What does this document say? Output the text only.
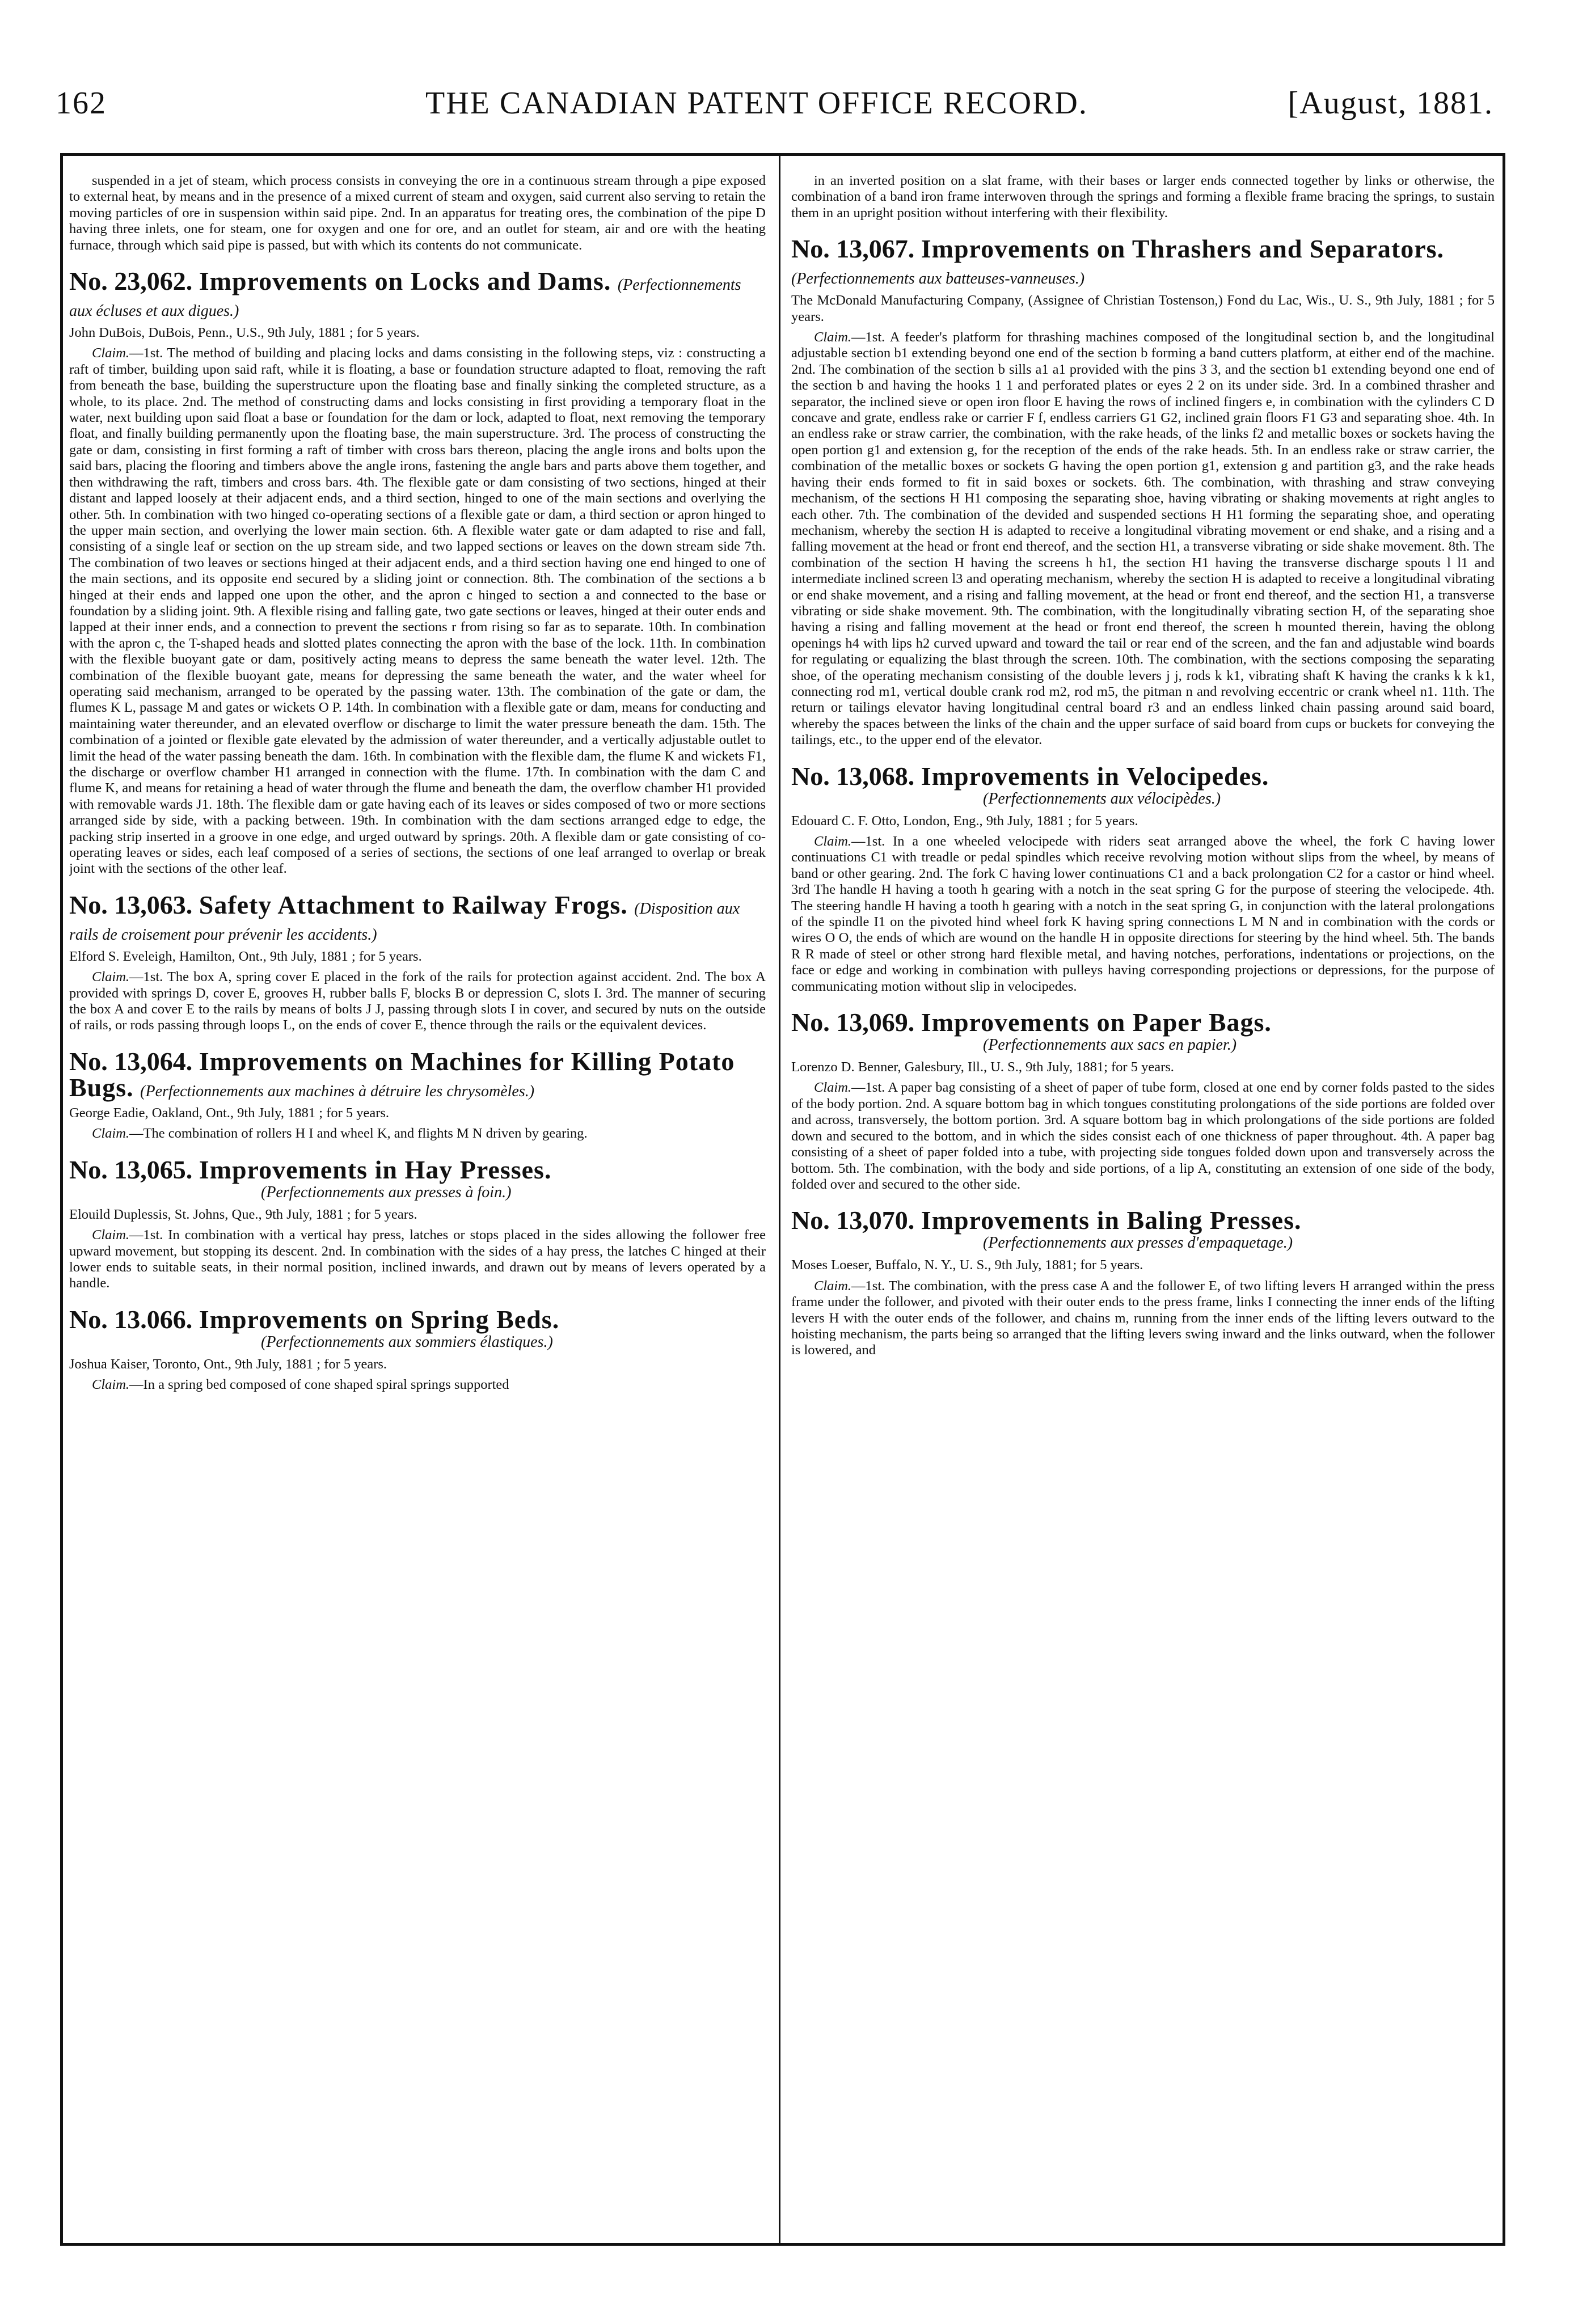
162	THE CANADIAN PATENT OFFICE RECORD.	[August, 1881.

suspended in a jet of steam, which process consists in conveying the ore in a continuous stream through a pipe exposed to external heat, by means and in the presence of a mixed current of steam and oxygen, said current also serving to retain the moving particles of ore in suspension within said pipe. 2nd. In an apparatus for treating ores, the combination of the pipe D having three inlets, one for steam, one for oxygen and one for ore, and an outlet for steam, air and ore with the heating furnace, through which said pipe is passed, but with which its contents do not communicate.

No. 23,062. Improvements on Locks and Dams. (Perfectionnements aux écluses et aux digues.)

John DuBois, DuBois, Penn., U.S., 9th July, 1881 ; for 5 years.

Claim.—1st. The method of building and placing locks and dams consisting in the following steps, viz : constructing a raft of timber, building upon said raft, while it is floating, a base or foundation structure adapted to float, removing the raft from beneath the base, building the superstructure upon the floating base and finally sinking the completed structure, as a whole, to its place. 2nd. The method of constructing dams and locks consisting in first providing a temporary float in the water, next building upon said float a base or foundation for the dam or lock, adapted to float, next removing the temporary float, and finally building permanently upon the floating base, the main superstructure. 3rd. The process of constructing the gate or dam, consisting in first forming a raft of timber with cross bars thereon, placing the angle irons and bolts upon the said bars, placing the flooring and timbers above the angle irons, fastening the angle bars and parts above them together, and then withdrawing the raft, timbers and cross bars. 4th. The flexible gate or dam consisting of two sections, hinged at their distant and lapped loosely at their adjacent ends, and a third section, hinged to one of the main sections and overlying the other. 5th. In combination with two hinged co-operating sections of a flexible gate or dam, a third section or apron hinged to the upper main section, and overlying the lower main section. 6th. A flexible water gate or dam adapted to rise and fall, consisting of a single leaf or section on the up stream side, and two lapped sections or leaves on the down stream side 7th. The combination of two leaves or sections hinged at their adjacent ends, and a third section having one end hinged to one of the main sections, and its opposite end secured by a sliding joint or connection. 8th. The combination of the sections a b hinged at their ends and lapped one upon the other, and the apron c hinged to section a and connected to the base or foundation by a sliding joint. 9th. A flexible rising and falling gate, two gate sections or leaves, hinged at their outer ends and lapped at their inner ends, and a connection to prevent the sections r from rising so far as to separate. 10th. In combination with the apron c, the T-shaped heads and slotted plates connecting the apron with the base of the lock. 11th. In combination with the flexible buoyant gate or dam, positively acting means to depress the same beneath the water level. 12th. The combination of the flexible buoyant gate, means for depressing the same beneath the water, and the water wheel for operating said mechanism, arranged to be operated by the passing water. 13th. The combination of the gate or dam, the flumes K L, passage M and gates or wickets O P. 14th. In combination with a flexible gate or dam, means for conducting and maintaining water thereunder, and an elevated overflow or discharge to limit the water pressure beneath the dam. 15th. The combination of a jointed or flexible gate elevated by the admission of water thereunder, and a vertically adjustable outlet to limit the head of the water passing beneath the dam. 16th. In combination with the flexible dam, the flume K and wickets F1, the discharge or overflow chamber H1 arranged in connection with the flume. 17th. In combination with the dam C and flume K, and means for retaining a head of water through the flume and beneath the dam, the overflow chamber H1 provided with removable wards J1. 18th. The flexible dam or gate having each of its leaves or sides composed of two or more sections arranged side by side, with a packing between. 19th. In combination with the dam sections arranged edge to edge, the packing strip inserted in a groove in one edge, and urged outward by springs. 20th. A flexible dam or gate consisting of co-operating leaves or sides, each leaf composed of a series of sections, the sections of one leaf arranged to overlap or break joint with the sections of the other leaf.

No. 13,063. Safety Attachment to Railway Frogs. (Disposition aux rails de croisement pour prévenir les accidents.)

Elford S. Eveleigh, Hamilton, Ont., 9th July, 1881 ; for 5 years.

Claim.—1st. The box A, spring cover E placed in the fork of the rails for protection against accident. 2nd. The box A provided with springs D, cover E, grooves H, rubber balls F, blocks B or depression C, slots I. 3rd. The manner of securing the box A and cover E to the rails by means of bolts J J, passing through slots I in cover, and secured by nuts on the outside of rails, or rods passing through loops L, on the ends of cover E, thence through the rails or the equivalent devices.

No. 13,064. Improvements on Machines for Killing Potato Bugs. (Perfectionnements aux machines à détruire les chrysomèles.)

George Eadie, Oakland, Ont., 9th July, 1881 ; for 5 years.

Claim.—The combination of rollers H I and wheel K, and flights M N driven by gearing.

No. 13,065. Improvements in Hay Presses.

(Perfectionnements aux presses à foin.)

Elouild Duplessis, St. Johns, Que., 9th July, 1881 ; for 5 years.

Claim.—1st. In combination with a vertical hay press, latches or stops placed in the sides allowing the follower free upward movement, but stopping its descent. 2nd. In combination with the sides of a hay press, the latches C hinged at their lower ends to suitable seats, in their normal position, inclined inwards, and drawn out by means of levers operated by a handle.

No. 13.066. Improvements on Spring Beds.

(Perfectionnements aux sommiers élastiques.)

Joshua Kaiser, Toronto, Ont., 9th July, 1881 ; for 5 years.

Claim.—In a spring bed composed of cone shaped spiral springs supported

in an inverted position on a slat frame, with their bases or larger ends connected together by links or otherwise, the combination of a band iron frame interwoven through the springs and forming a flexible frame bracing the springs, to sustain them in an upright position without interfering with their flexibility.

No. 13,067. Improvements on Thrashers and Separators. (Perfectionnements aux batteuses-vanneuses.)

The McDonald Manufacturing Company, (Assignee of Christian Tostenson,) Fond du Lac, Wis., U. S., 9th July, 1881 ; for 5 years.

Claim.—1st. A feeder's platform for thrashing machines composed of the longitudinal section b, and the longitudinal adjustable section b1 extending beyond one end of the section b forming a band cutters platform, at either end of the machine. 2nd. The combination of the section b sills a1 a1 provided with the pins 3 3, and the section b1 extending beyond one end of the section b and having the hooks 1 1 and perforated plates or eyes 2 2 on its under side. 3rd. In a combined thrasher and separator, the inclined sieve or open iron floor E having the rows of inclined fingers e, in combination with the cylinders C D concave and grate, endless rake or carrier F f, endless carriers G1 G2, inclined grain floors F1 G3 and separating shoe. 4th. In an endless rake or straw carrier, the combination, with the rake heads, of the links f2 and metallic boxes or sockets having the open portion g1 and extension g, for the reception of the ends of the rake heads. 5th. In an endless rake or straw carrier, the combination of the metallic boxes or sockets G having the open portion g1, extension g and partition g3, and the rake heads having their ends formed to fit in said boxes or sockets. 6th. The combination, with thrashing and straw conveying mechanism, of the sections H H1 composing the separating shoe, having vibrating or shaking movements at right angles to each other. 7th. The combination of the devided and suspended sections H H1 forming the separating shoe, and operating mechanism, whereby the section H is adapted to receive a longitudinal vibrating movement or end shake, and a rising and a falling movement at the head or front end thereof, and the section H1, a transverse vibrating or side shake movement. 8th. The combination of the section H having the screens h h1, the section H1 having the transverse discharge spouts l l1 and intermediate inclined screen l3 and operating mechanism, whereby the section H is adapted to receive a longitudinal vibrating or end shake movement, and a rising and falling movement, at the head or front end thereof, and the section H1, a transverse vibrating or side shake movement. 9th. The combination, with the longitudinally vibrating section H, of the separating shoe having a rising and falling movement at the head or front end thereof, the screen h mounted therein, having the oblong openings h4 with lips h2 curved upward and toward the tail or rear end of the screen, and the fan and adjustable wind boards for regulating or equalizing the blast through the screen. 10th. The combination, with the sections composing the separating shoe, of the operating mechanism consisting of the double levers j j, rods k k1, vibrating shaft K having the cranks k k k1, connecting rod m1, vertical double crank rod m2, rod m5, the pitman n and revolving eccentric or crank wheel n1. 11th. The return or tailings elevator having longitudinal central board r3 and an endless linked chain passing around said board, whereby the spaces between the links of the chain and the upper surface of said board from cups or buckets for conveying the tailings, etc., to the upper end of the elevator.

No. 13,068. Improvements in Velocipedes.

(Perfectionnements aux vélocipèdes.)

Edouard C. F. Otto, London, Eng., 9th July, 1881 ; for 5 years.

Claim.—1st. In a one wheeled velocipede with riders seat arranged above the wheel, the fork C having lower continuations C1 with treadle or pedal spindles which receive revolving motion without slips from the wheel, by means of band or other gearing. 2nd. The fork C having lower continuations C1 and a back prolongation C2 for a castor or hind wheel. 3rd The handle H having a tooth h gearing with a notch in the seat spring G for the purpose of steering the velocipede. 4th. The steering handle H having a tooth h gearing with a notch in the seat spring G, in conjunction with the lateral prolongations of the spindle I1 on the pivoted hind wheel fork K having spring connections L M N and in combination with the cords or wires O O, the ends of which are wound on the handle H in opposite directions for steering by the hind wheel. 5th. The bands R R made of steel or other strong hard flexible metal, and having notches, perforations, indentations or projections, on the face or edge and working in combination with pulleys having corresponding projections or depressions, for the purpose of communicating motion without slip in velocipedes.

No. 13,069. Improvements on Paper Bags.

(Perfectionnements aux sacs en papier.)

Lorenzo D. Benner, Galesbury, Ill., U. S., 9th July, 1881; for 5 years.

Claim.—1st. A paper bag consisting of a sheet of paper of tube form, closed at one end by corner folds pasted to the sides of the body portion. 2nd. A square bottom bag in which tongues constituting prolongations of the side portions are folded over and across, transversely, the bottom portion. 3rd. A square bottom bag in which prolongations of the side portions are folded down and secured to the bottom, and in which the sides consist each of one thickness of paper throughout. 4th. A paper bag consisting of a sheet of paper folded into a tube, with projecting side tongues folded down upon and transversely across the bottom. 5th. The combination, with the body and side portions, of a lip A, constituting an extension of one side of the body, folded over and secured to the other side.

No. 13,070. Improvements in Baling Presses.

(Perfectionnements aux presses d'empaquetage.)

Moses Loeser, Buffalo, N. Y., U. S., 9th July, 1881; for 5 years.

Claim.—1st. The combination, with the press case A and the follower E, of two lifting levers H arranged within the press frame under the follower, and pivoted with their outer ends to the press frame, links I connecting the inner ends of the lifting levers H with the outer ends of the follower, and chains m, running from the inner ends of the lifting levers outward to the hoisting mechanism, the parts being so arranged that the lifting levers swing inward and the links outward, when the follower is lowered, and
